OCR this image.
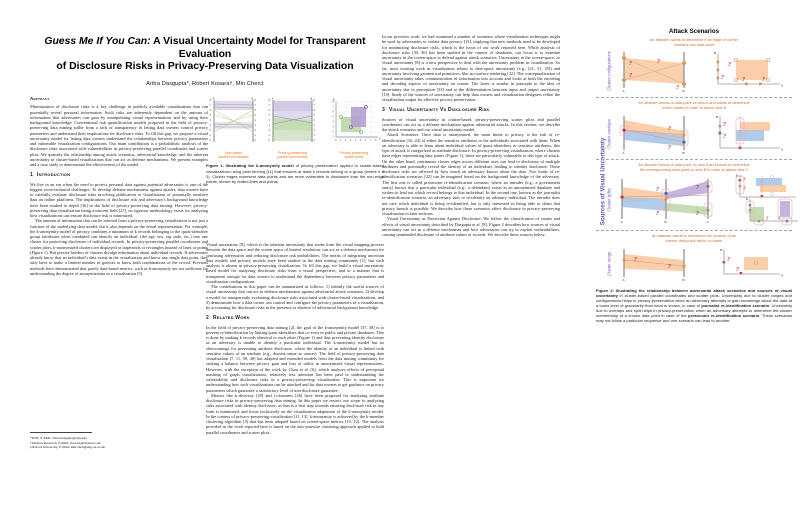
Guess Me If You Can: A Visual Uncertainty Model for Transparent Evaluation
of Disclosure Risks in Privacy-Preserving Data Visualization
Aritra Dasgupta*, Robert Kosara†, Min Chen‡
Abstract

Minimization of disclosure risks is a key challenge in publicly available visualizations that can potentially reveal personal information. Such risks are inherently dependent on the amount of information that adversaries can gain by manipulating visual representations and by using their background knowledge. Conventional risk quantification models proposed in the field of privacy-preserving data mining suffer from a lack of transparency in letting data owners control privacy parameters and understand their implications for disclosure risks. To fill this gap, we propose a visual uncertainty model for letting data owners understand the relationships between privacy parameters and vulnerable visualization configurations. Our main contribution is a probabilistic analysis of the disclosure risks associated with vulnerabilities in privacy-preserving parallel coordinates and scatter plots. We quantify the relationship among attack scenarios, adversarial knowledge, and the inherent uncertainty in cluster-based visualizations that can act as defense mechanisms. We present examples and a case study to demonstrate the effectiveness of the model.

1 Introduction

We live in an era when the need to protect personal data against potential adversaries is one of the biggest socio-technical challenges. To develop defense mechanisms against attacks, data owners have to carefully evaluate disclosure risks involving publication or visualization of potentially sensitive data on online platforms. The implications of disclosure risk and adversary's background knowledge have been studied in depth [36] in the field of privacy-preserving data mining. However, privacy-preserving data visualization being a nascent field [27], no rigorous methodology exists for analyzing how visualizations can ensure disclosure risk is minimized.

The amount of information that can be inferred from a privacy-preserving visualization is not just a function of the underlying data model, but it also depends on the visual representation. For example, the k-anonymity model of privacy combines a minimum of k records belonging to the quasi-identifier group (attributes when combined can identify an individual, like age, sex, zip code, etc.) into one cluster for protecting disclosure of individual records. In privacy-preserving parallel coordinates and scatter plots, k-anonymized clusters are displayed as trapezoids or rectangles instead of lines or points (Figure 1). But precise borders of clusters divulge information about individual records. If adversaries already know that an individual's data exists in the visualization and know any single data point, they only have to make a limited number of guesses to know both combinations of the record. Previous methods have demonstrated that purely data-based metrics, such as k-anonymity are not sufficient for understanding the degree of anonymization in a visualization [5].

*NJIT, E-Mail: aritra.dasgupta@njit.edu
†Tableau Research, E-Mail: rkosara@tableau.com
‡Oxford University, E-Mail: min.chen@eng.ox.ac.uk

Visual uncertainty [8], which is the inherent uncertainty that stems from the visual mapping process between the data space and the screen space of limited resolution, can act as a defense mechanism for confusing adversaries and reducing disclosure risk probabilities. The merits of integrating uncertain data models and privacy models have been studied in the data mining community [1], but such analysis is absent in privacy-preserving visualization. To fill this gap, we build a visual uncertainty based model for analyzing disclosure risks from a visual perspective, and in a manner that is transparent enough for data owners to understand the dependency between privacy parameters and visualization configurations.

The contributions in this paper can be summarized as follows: 1) identify the useful sources of visual uncertainty that can act as defense mechanisms against adversarial attack scenarios, 2) develop a model for transparently evaluating disclosure risks associated with cluster-based visualizations, and 3) demonstrate how a data owner can control and configure the privacy parameters of a visualization, by accounting for disclosure risks in the presence or absence of adversarial background knowledge.

2 Related Work

In the field of privacy-preserving data mining [2], the goal of the k-anonymity model [37, 38] is to prevent re-identification by linking quasi-identifiers that co-exist in public and private databases. This is done by making k records identical to each other (Figure 1) and thus preventing identity disclosure as an adversary is unable to identify a particular individual. The k-anonymity model has its shortcomings for preventing attribute disclosure, where the identity of an individual is linked with sensitive values of an attribute (e.g., disease name as cancer). The field of privacy-preserving data visualization [7, 11, 39, 40] has adapted and extended models from the data mining community for striking a balance between privacy gain and loss of utility in anonymized visual representations. However, with the exception of the work by Chou et al. [6], which analyzes effects of perceptual masking of graph visualizations, relatively less attention has been paid to understanding the vulnerability and disclosure risks in a privacy-preserving visualization. This is important for understanding how such visualizations can be attacked and for data owners to get guidance on privacy parameters which guarantee a satisfactory level of non-disclosure guarantee.

Metrics like k-diversity [29] and t-closeness [26] have been proposed for analyzing attribute disclosure risks in privacy-preserving data mining. In this paper we restrict our scope to analyzing risks associated with identity disclosure, as that is a first step towards ensuring disclosure risk in any form is minimized, and focus exclusively on the visualization adaptation of the k-anonymity model. In the context of privacy-preserving visualization [11, 13], k-anonymity is achieved by the k-member clustering algorithm [3] that has been adapted based on screen-space metrics [10, 12]. The analysis provided in the work reported here is based on the axis-pairwise clustering approach applied to both parallel coordinates and scatter plots.

8
7
6
5
4
3
2
1
0
8
7
6
5
4
3
2
1
0
A	B
Line-based
parallel coordinates
8
7
6
5
4
3
2
1
0
8
7
6
5
4
3
2
1
0
A	B
Privacy preserving
parallel coordinates
8
7
6
5
4
3
2
1
0 1 2 3 4 5 6 7 8
B
A
Privacy preserving
scatter plots
Figure 1: Illustrating the k-anonymity model of privacy preservation applied to cluster-based visualizations using pixel binning [11] that ensures at least k records belong to a group (where k = 2). Cluster edges represent data points and are more vulnerable to disclosure than the non-edge points, shown by dotted lines and points.

In our previous work, we had examined a number of scenarios where visualization techniques might be used by adversaries to violate data privacy [13], implying that new methods need to be developed for minimizing disclosure risks, which is the focus of our work reported here. While analysis of disclosure risks [30, 36] has been studied in the context of databases, our focus is to examine uncertainty in the screen-space to defend against attack scenarios. Uncertainty in the screen-space, or visual uncertainty [8] is a new perspective to deal with the uncertainty problem in visualization. So far, most existing work in visualization relates to data-space uncertainty (e.g., [21, 31, 35]) and uncertainty involving geometrical primitives, like iso-surface rendering [32]. The conceptualization of visual uncertainty takes communication of information into account and looks at both the encoding and decoding aspects of uncertainty on screen. The latter is similar in principle to the idea of uncertainty due to perception [33] and to the differentiation between input and output uncertainty [19]. Study of the sources of uncertainty can help data owners and visualization designers refine the visualization output for effective privacy preservation.

3 Visual Uncertainty Vs Disclosure Risk

Sources of visual uncertainty in cluster-based, privacy-preserving scatter plots and parallel coordinates can act as a defense mechanism against adversarial attacks. In this section, we describe the attack scenarios and our visual uncertainty model.

Attack Scenarios: Once data is anonymized, the main threat to privacy is the risk of re-identification [16, 24] of either the sensitive attributes or the individuals associated with them. When an adversary is able to learn about individual values of quasi-identifiers or sensitive attributes, this type of attack is categorized as attribute disclosure. In privacy-preserving visualization, where clusters have edges representing data points (Figure 1), these are particularly vulnerable to this type of attack. On the other hand, continuous cluster edges across different axes can lead to disclosure of multiple attributes and potentially reveal the identity of an individual, leading to identity disclosure. These disclosure risks are affected by how much an adversary knows about the data. Two kinds of re-identification scenarios [22] can be imagined based on the background knowledge of the adversary. The first one is called prosecutor re-identification scenario, where an intruder (e.g., a government entity) knows that a particular individual (e.g., a defendant) exists in an anonymized database and wishes to find out which record belongs to that individual. In the second one, known as the journalist re-identification scenario, an adversary tries to re-identify an arbitrary individual. The intruder does not care which individual is being re-identified, but is only interested in being able to claim that privacy breach is possible. We describe how these scenarios affect disclosure in privacy-preserving visualization in later sections.

Visual Uncertainty as Protection Against Disclosure: We follow the classification of causes and effects of visual uncertainty described by Dasgupta et al. [8]. Figure 2 describes how sources of visual uncertainty can act as a defense mechanism and how adversaries can try to exploit vulnerabilities, causing unintended disclosure of attribute values or records. We describe these sources below:

Sources of Visual Uncertainty
Attack Scenarios
An attacker wants to determine if an edge or corner
contains any data point
Cluster configurations	?	?
?
?
A	B
?
?	?	?
B
A
An attacker knows a data point on axis A and wants to determine
which cluster in order to attack axis B
Cluster overlaps	?
?
A	B
?
?
B
A
An attacker knows a data point on axis A and wants to determine
the corresponding data point on axis B in order to attack axis C
Cluster splits	?
?
?
?
A	B	C
?
?
B
? ?
B
An attacker wants to determine the location of an
interior data point within a cluster
Cluster range	?
?
A	B
?
?
B
A
Figure 2: Illustrating the relationship between adversarial attack scenarios and sources of visual uncertainty in cluster-based parallel coordinates and scatter plots. Uncertainty due to cluster ranges and configurations helps in privacy-preservation when an adversary attempts to gain knowledge about the data at a lower level of granularity than what is shown, in case of journalist re-identification scenario. Uncertainty due to overlaps and split helps in privacy-preservation when an adversary attempts to determine the cluster membership of a known data point in case of the prosecutor re-identification scenario. These scenarios may not follow a particular sequence and one scenario can lead to another.
